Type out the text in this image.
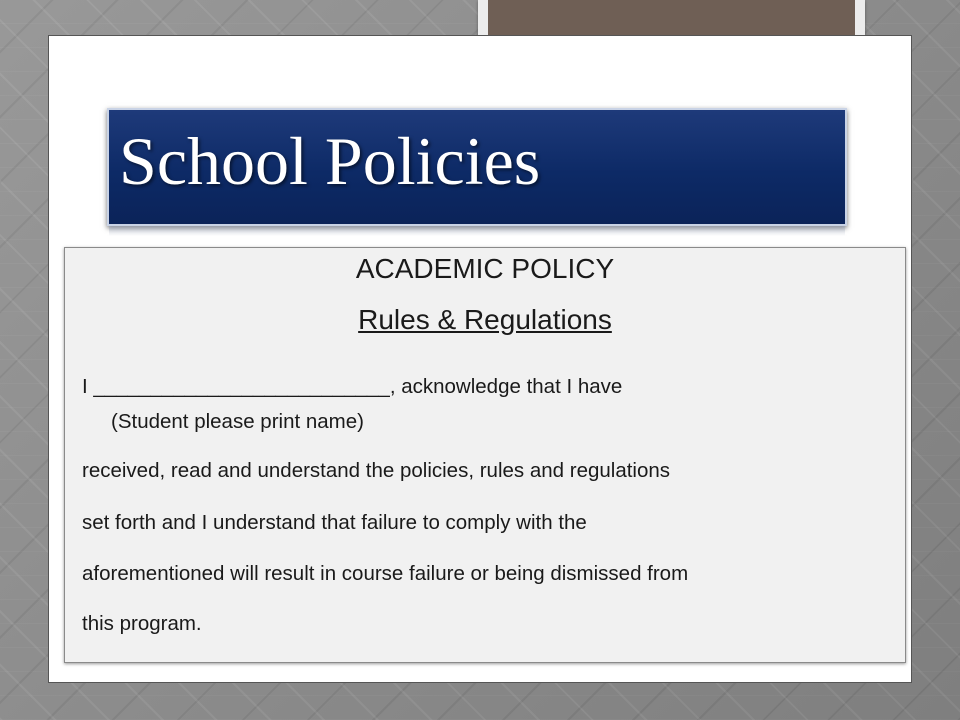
School Policies
ACADEMIC POLICY
Rules & Regulations
I __________________________, acknowledge that I have
(Student please print name)
received, read and understand the policies, rules and regulations
set forth and I understand that failure to comply with the
aforementioned will result in course failure or being dismissed from
this program.
